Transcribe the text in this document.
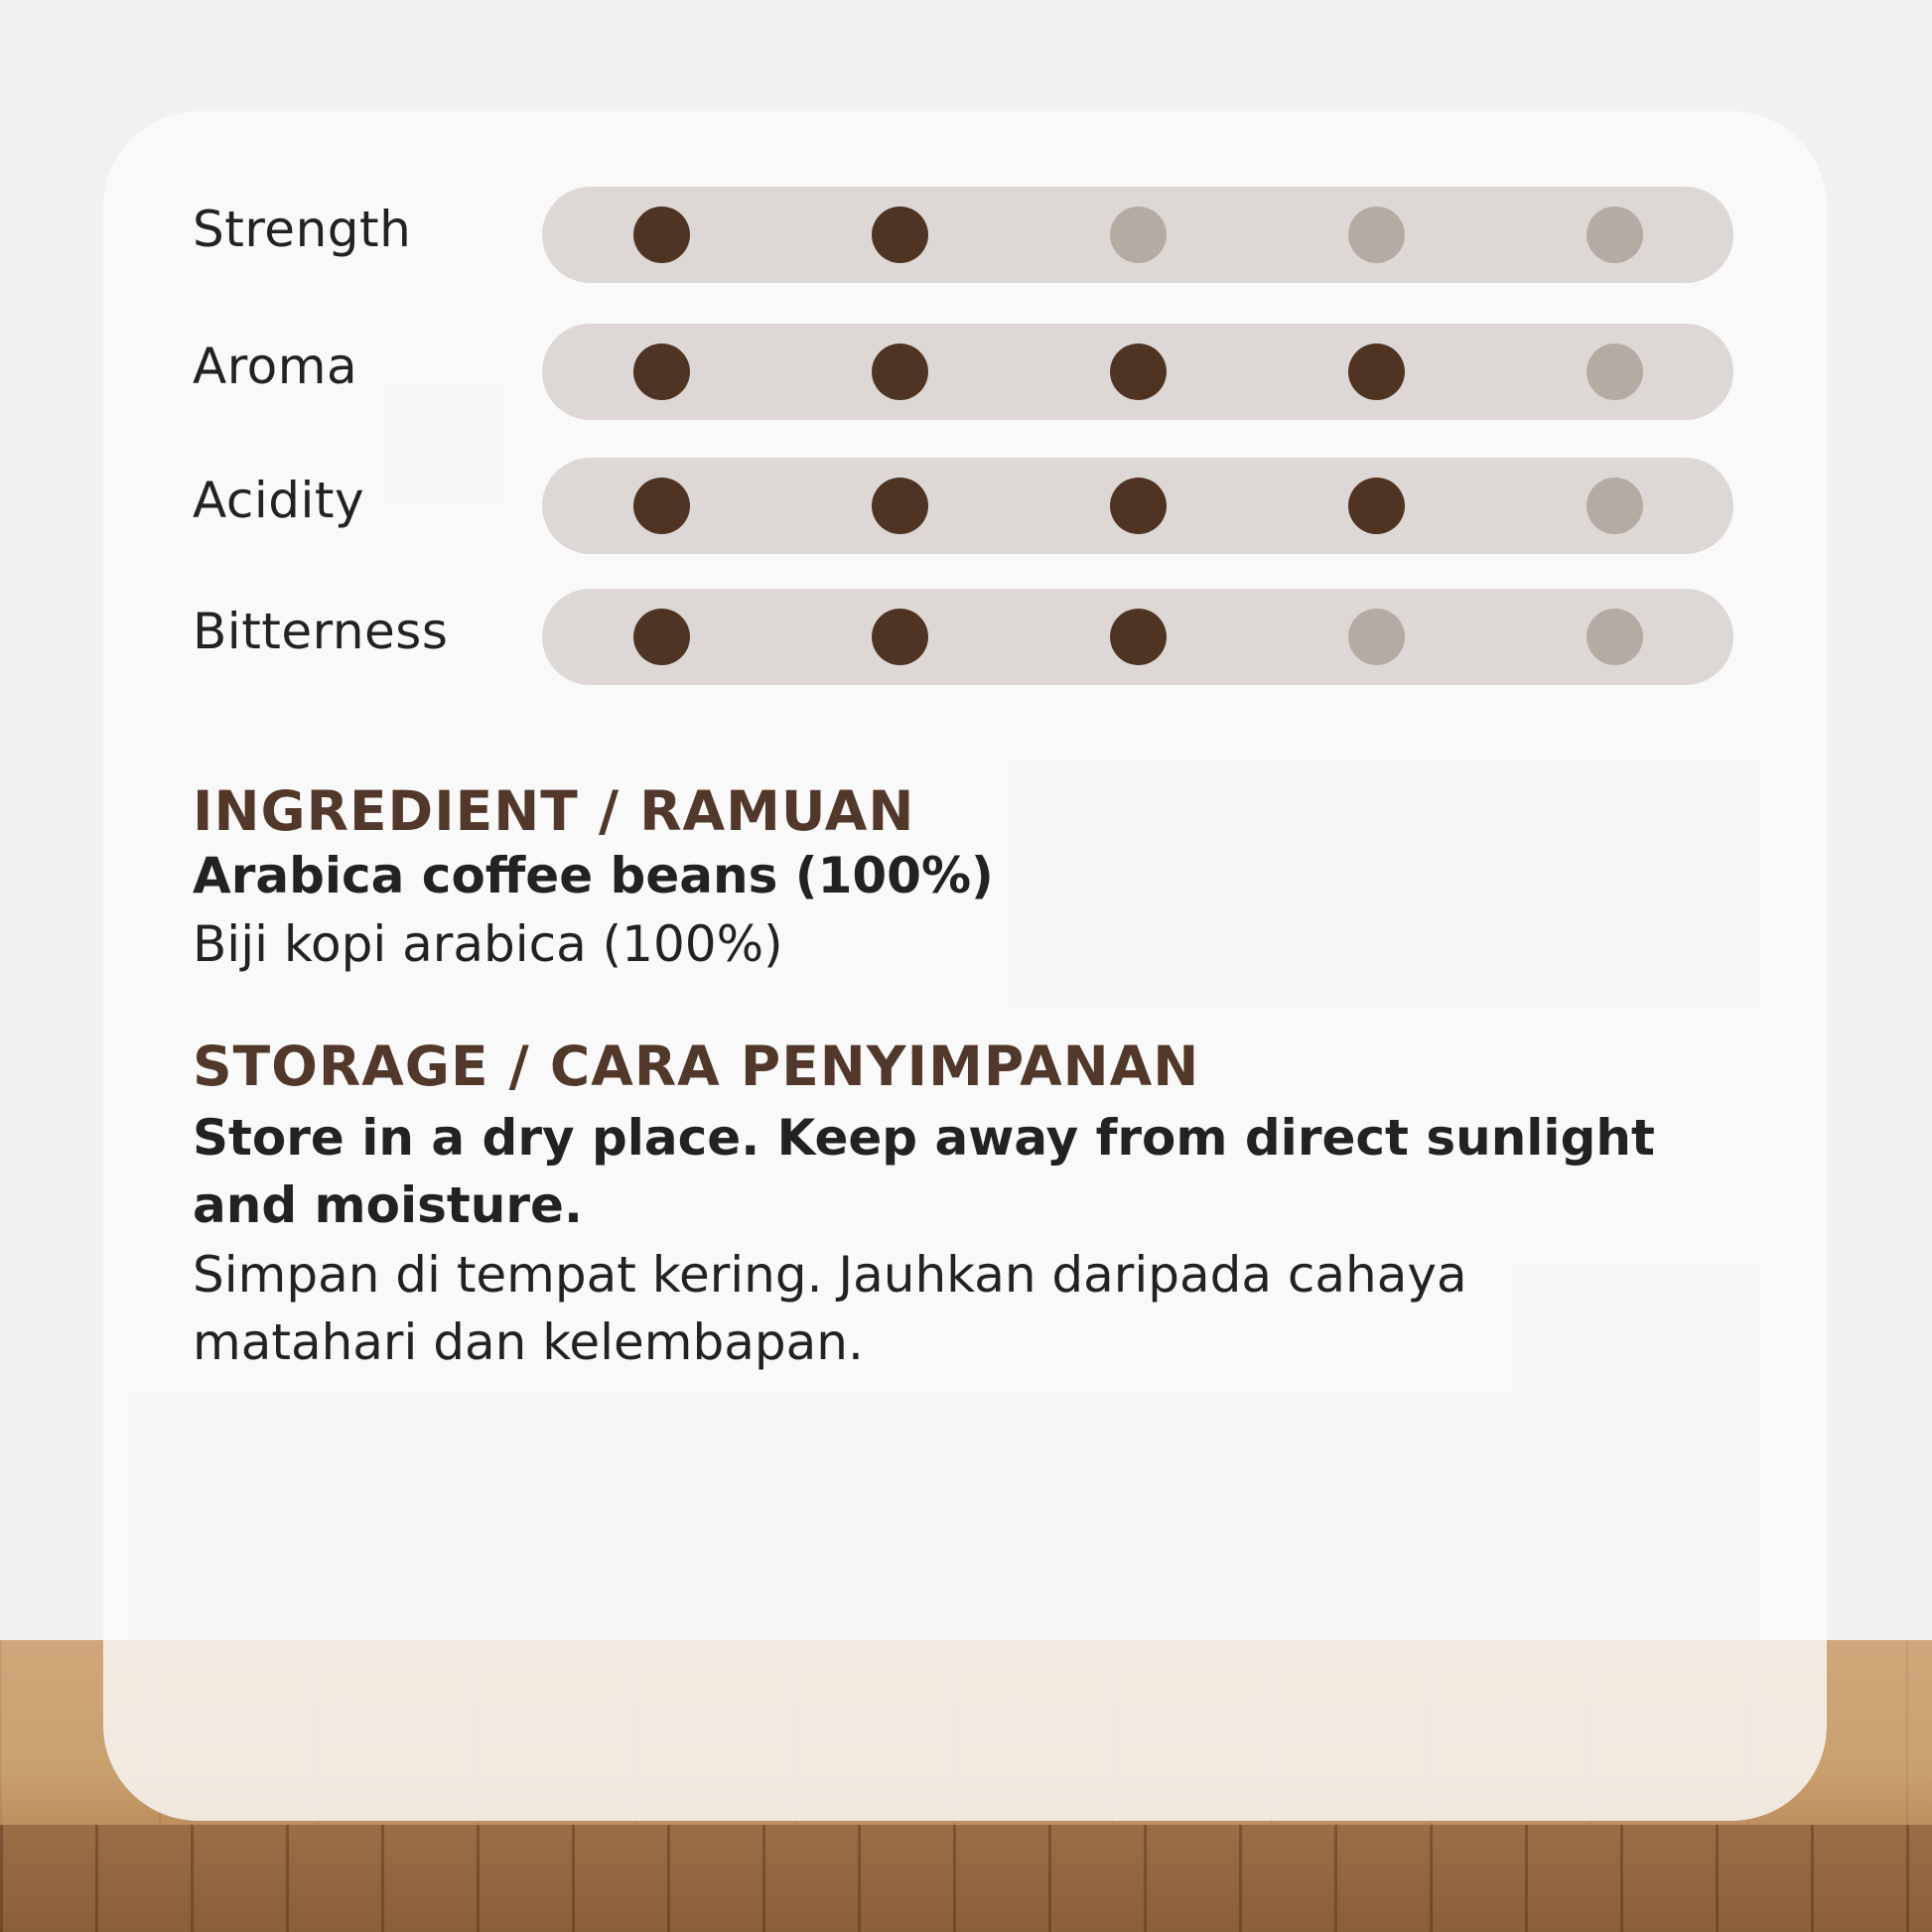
Strength
Aroma
Acidity
Bitterness
INGREDIENT / RAMUAN
Arabica coffee beans (100%)
Biji kopi arabica (100%)
STORAGE / CARA PENYIMPANAN
Store in a dry place. Keep away from direct sunlight and moisture.
Simpan di tempat kering. Jauhkan daripada cahaya matahari dan kelembapan.
